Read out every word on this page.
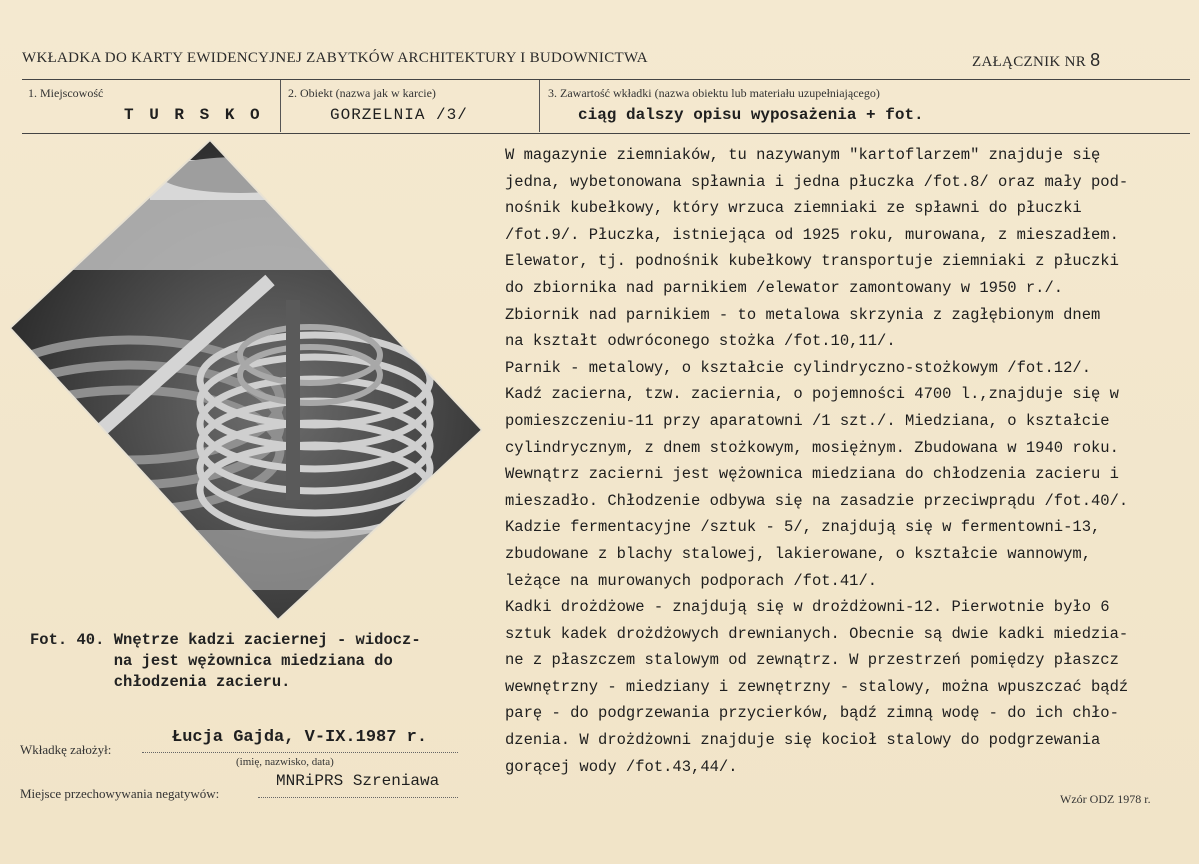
WKŁADKA DO KARTY EWIDENCYJNEJ ZABYTKÓW ARCHITEKTURY I BUDOWNICTWA	ZAŁĄCZNIK NR 8
1. Miejscowość
T U R S K O
2. Obiekt (nazwa jak w karcie)
GORZELNIA /3/
3. Zawartość wkładki (nazwa obiektu lub materiału uzupełniającego)
ciąg dalszy opisu wyposażenia + fot.
Fot. 40. Wnętrze kadzi zaciernej - widocz-
na jest wężownica miedziana do
chłodzenia zacieru.
W magazynie ziemniaków, tu nazywanym "kartoflarzem" znajduje się
jedna, wybetonowana spławnia i jedna płuczka /fot.8/ oraz mały pod-
nośnik kubełkowy, który wrzuca ziemniaki ze spławni do płuczki
/fot.9/. Płuczka, istniejąca od 1925 roku, murowana, z mieszadłem.
Elewator, tj. podnośnik kubełkowy transportuje ziemniaki z płuczki
do zbiornika nad parnikiem /elewator zamontowany w 1950 r./.
Zbiornik nad parnikiem - to metalowa skrzynia z zagłębionym dnem
na kształt odwróconego stożka /fot.10,11/.
Parnik - metalowy, o kształcie cylindryczno-stożkowym /fot.12/.
Kadź zacierna, tzw. zaciernia, o pojemności 4700 l.,znajduje się w
pomieszczeniu-11 przy aparatowni /1 szt./. Miedziana, o kształcie
cylindrycznym, z dnem stożkowym, mosiężnym. Zbudowana w 1940 roku.
Wewnątrz zacierni jest wężownica miedziana do chłodzenia zacieru i
mieszadło. Chłodzenie odbywa się na zasadzie przeciwprądu /fot.40/.
Kadzie fermentacyjne /sztuk - 5/, znajdują się w fermentowni-13,
zbudowane z blachy stalowej, lakierowane, o kształcie wannowym,
leżące na murowanych podporach /fot.41/.
Kadki drożdżowe - znajdują się w drożdżowni-12. Pierwotnie było 6
sztuk kadek drożdżowych drewnianych. Obecnie są dwie kadki miedzia-
ne z płaszczem stalowym od zewnątrz. W przestrzeń pomiędzy płaszcz
wewnętrzny - miedziany i zewnętrzny - stalowy, można wpuszczać bądź
parę - do podgrzewania przycierków, bądź zimną wodę - do ich chło-
dzenia. W drożdżowni znajduje się kocioł stalowy do podgrzewania
gorącej wody /fot.43,44/.
Wkładkę założył:
Łucja Gajda, V-IX.1987 r.
(imię, nazwisko, data)
Miejsce przechowywania negatywów:
MNRiPRS Szreniawa
Wzór ODZ 1978 r.
